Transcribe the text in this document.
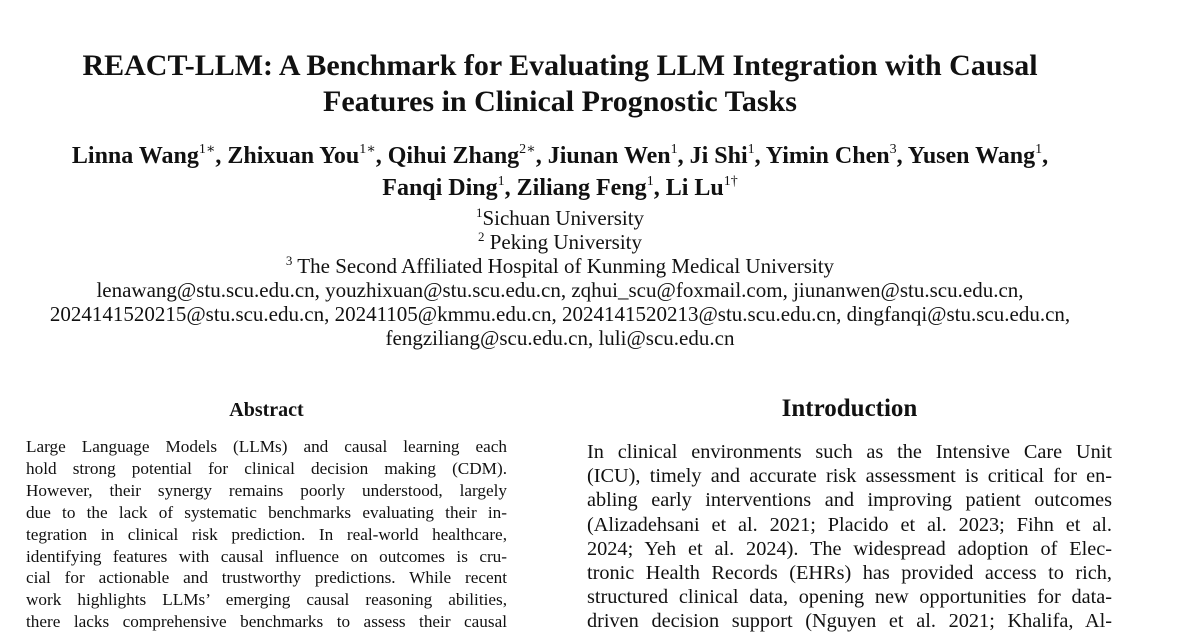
REACT-LLM: A Benchmark for Evaluating LLM Integration with Causal
Features in Clinical Prognostic Tasks
Linna Wang$^{1∗}$, Zhixuan You$^{1∗}$, Qihui Zhang$^{2∗}$, Jiunan Wen$^1$, Ji Shi$^1$, Yimin Chen$^3$, Yusen Wang$^1$,
Fanqi Ding$^1$, Ziliang Feng$^1$, Li $Lu^{1\dagger}$
$^1$Sichuan University
$^2$ Peking University
$^3$ The Second Affiliated Hospital of Kunming Medical University
lenawang@stu.scu.edu.cn, youzhixuan@stu.scu.edu.cn, zqhui_scu@foxmail.com, jiunanwen@stu.scu.edu.cn,
2024141520215@stu.scu.edu.cn, 20241105@kmmu.edu.cn, 2024141520213@stu.scu.edu.cn, dingfanqi@stu.scu.edu.cn,
fengziliang@scu.edu.cn, luli@scu.edu.cn
Abstract
Large Language Models (LLMs) and causal learning each
hold strong potential for clinical decision making (CDM).
However, their synergy remains poorly understood, largely
due to the lack of systematic benchmarks evaluating their in-
tegration in clinical risk prediction. In real-world healthcare,
identifying features with causal influence on outcomes is cru-
cial for actionable and trustworthy predictions. While recent
work highlights LLMs’ emerging causal reasoning abilities,
there lacks comprehensive benchmarks to assess their causal
Introduction
In clinical environments such as the Intensive Care Unit
(ICU), timely and accurate risk assessment is critical for en-
abling early interventions and improving patient outcomes
(Alizadehsani et al. 2021; Placido et al. 2023; Fihn et al.
2024; Yeh et al. 2024). The widespread adoption of Elec-
tronic Health Records (EHRs) has provided access to rich,
structured clinical data, opening new opportunities for data-
driven decision support (Nguyen et al. 2021; Khalifa, Al-
